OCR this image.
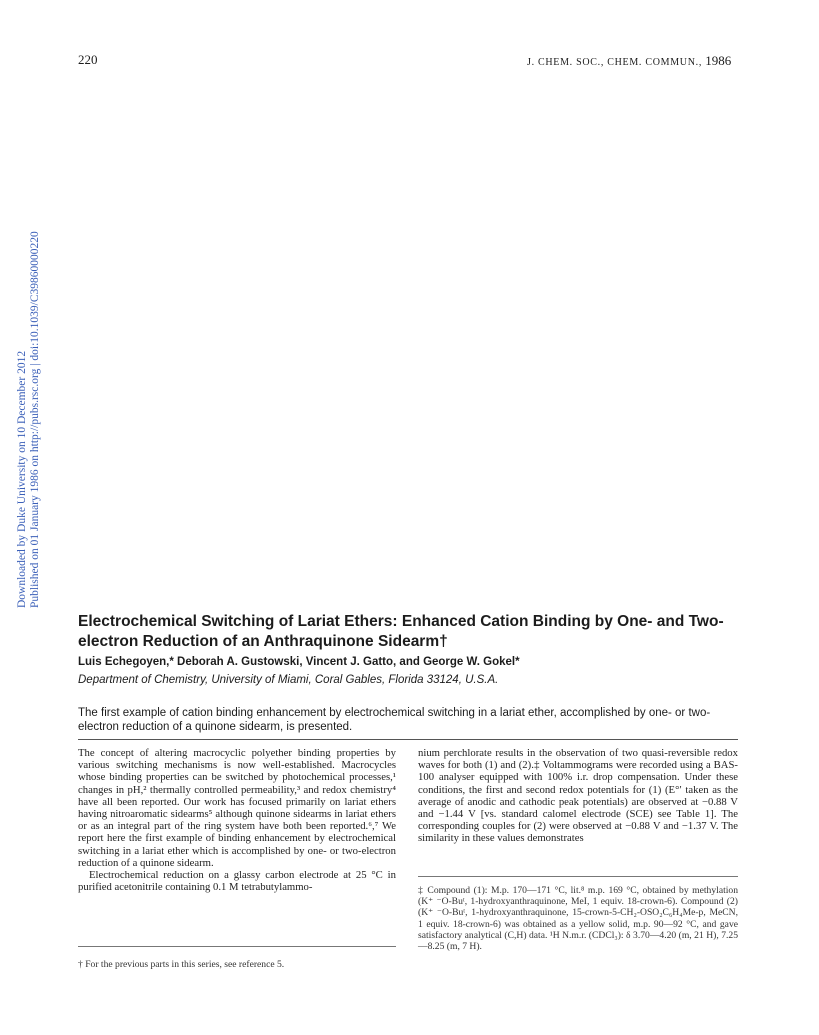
220	J. CHEM. SOC., CHEM. COMMUN., 1986
Downloaded by Duke University on 10 December 2012 Published on 01 January 1986 on http://pubs.rsc.org | doi:10.1039/C39860000220
Electrochemical Switching of Lariat Ethers: Enhanced Cation Binding by One- and Two-electron Reduction of an Anthraquinone Sidearm†
Luis Echegoyen,* Deborah A. Gustowski, Vincent J. Gatto, and George W. Gokel*
Department of Chemistry, University of Miami, Coral Gables, Florida 33124, U.S.A.
The first example of cation binding enhancement by electrochemical switching in a lariat ether, accomplished by one- or two-electron reduction of a quinone sidearm, is presented.

The concept of altering macrocyclic polyether binding properties by various switching mechanisms is now well-established. Macrocycles whose binding properties can be switched by photochemical processes,¹ changes in pH,² thermally controlled permeability,³ and redox chemistry⁴ have all been reported. Our work has focused primarily on lariat ethers having nitroaromatic sidearms⁵ although quinone sidearms in lariat ethers or as an integral part of the ring system have both been reported.⁶,⁷ We report here the first example of binding enhancement by electrochemical switching in a lariat ether which is accomplished by one- or two-electron reduction of a quinone sidearm.

Electrochemical reduction on a glassy carbon electrode at 25 °C in purified acetonitrile containing 0.1 M tetrabutylammo-

nium perchlorate results in the observation of two quasi-reversible redox waves for both (1) and (2).‡ Voltammograms were recorded using a BAS-100 analyser equipped with 100% i.r. drop compensation. Under these conditions, the first and second redox potentials for (1) (E°′ taken as the average of anodic and cathodic peak potentials) are observed at −0.88 V and −1.44 V [vs. standard calomel electrode (SCE) see Table 1]. The corresponding couples for (2) were observed at −0.88 V and −1.37 V. The similarity in these values demonstrates

† For the previous parts in this series, see reference 5.
‡ Compound (1): M.p. 170—171 °C, lit.⁸ m.p. 169 °C, obtained by methylation (K⁺ ⁻O-Buᵗ, 1-hydroxyanthraquinone, MeI, 1 equiv. 18-crown-6). Compound (2) (K⁺ ⁻O-Buᵗ, 1-hydroxyanthraquinone, 15-crown-5-CH₂-OSO₂C₆H₄Me-p, MeCN, 1 equiv. 18-crown-6) was obtained as a yellow solid, m.p. 90—92 °C, and gave satisfactory analytical (C,H) data. ¹H N.m.r. (CDCl₃): δ 3.70—4.20 (m, 21 H), 7.25—8.25 (m, 7 H).
